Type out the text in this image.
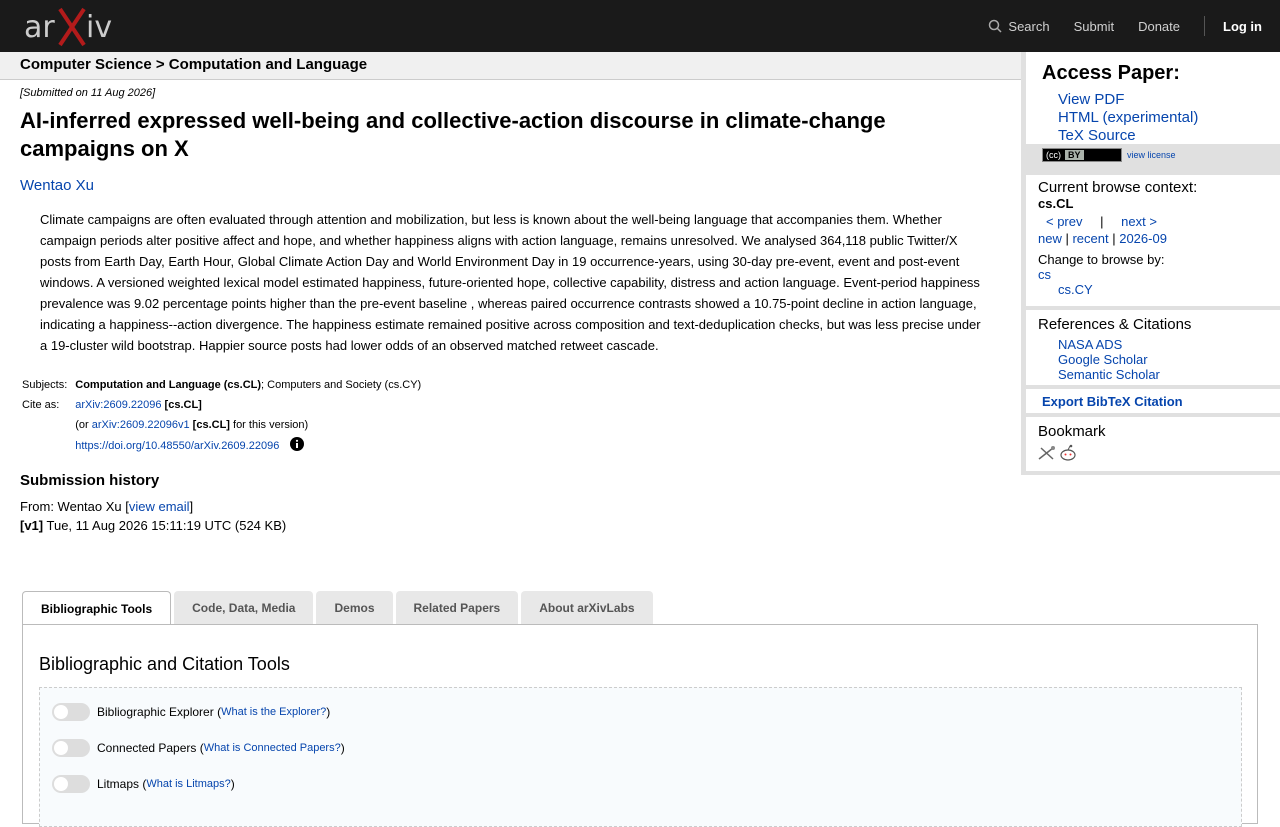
ar iv	Search Submit Donate	Log in
Computer Science > Computation and Language
[Submitted on 11 Aug 2026]
AI-inferred expressed well-being and collective-action discourse in climate-change campaigns on X
Wentao Xu
Climate campaigns are often evaluated through attention and mobilization, but less is known about the well-being language that accompanies them. Whether campaign periods alter positive affect and hope, and whether happiness aligns with action language, remains unresolved. We analysed 364,118 public Twitter/X posts from Earth Day, Earth Hour, Global Climate Action Day and World Environment Day in 19 occurrence-years, using 30-day pre-event, event and post-event windows. A versioned weighted lexical model estimated happiness, future-oriented hope, collective capability, distress and action language. Event-period happiness prevalence was 9.02 percentage points higher than the pre-event baseline , whereas paired occurrence contrasts showed a 10.75-point decline in action language, indicating a happiness--action divergence. The happiness estimate remained positive across composition and text-deduplication checks, but was less precise under a 19-cluster wild bootstrap. Happier source posts had lower odds of an observed matched retweet cascade.
Subjects:	Computation and Language (cs.CL); Computers and Society (cs.CY)
Cite as:	arXiv:2609.22096 [cs.CL]
	(or arXiv:2609.22096v1 [cs.CL] for this version)
	https://doi.org/10.48550/arXiv.2609.22096
Submission history
From: Wentao Xu [view email]
[v1] Tue, 11 Aug 2026 15:11:19 UTC (524 KB)
Access Paper:
View PDF
HTML (experimental)
TeX Source
(cc) BY	view license
Current browse context:
cs.CL
< prev | next >
new | recent | 2026-09
Change to browse by:
cs
cs.CY
References & Citations
NASA ADS
Google Scholar
Semantic Scholar
Export BibTeX Citation
Bookmark
Bibliographic Tools	Code, Data, Media	Demos	Related Papers	About arXivLabs
Bibliographic and Citation Tools
Bibliographic Explorer ( What is the Explorer? )
Connected Papers ( What is Connected Papers? )
Litmaps ( What is Litmaps? )
